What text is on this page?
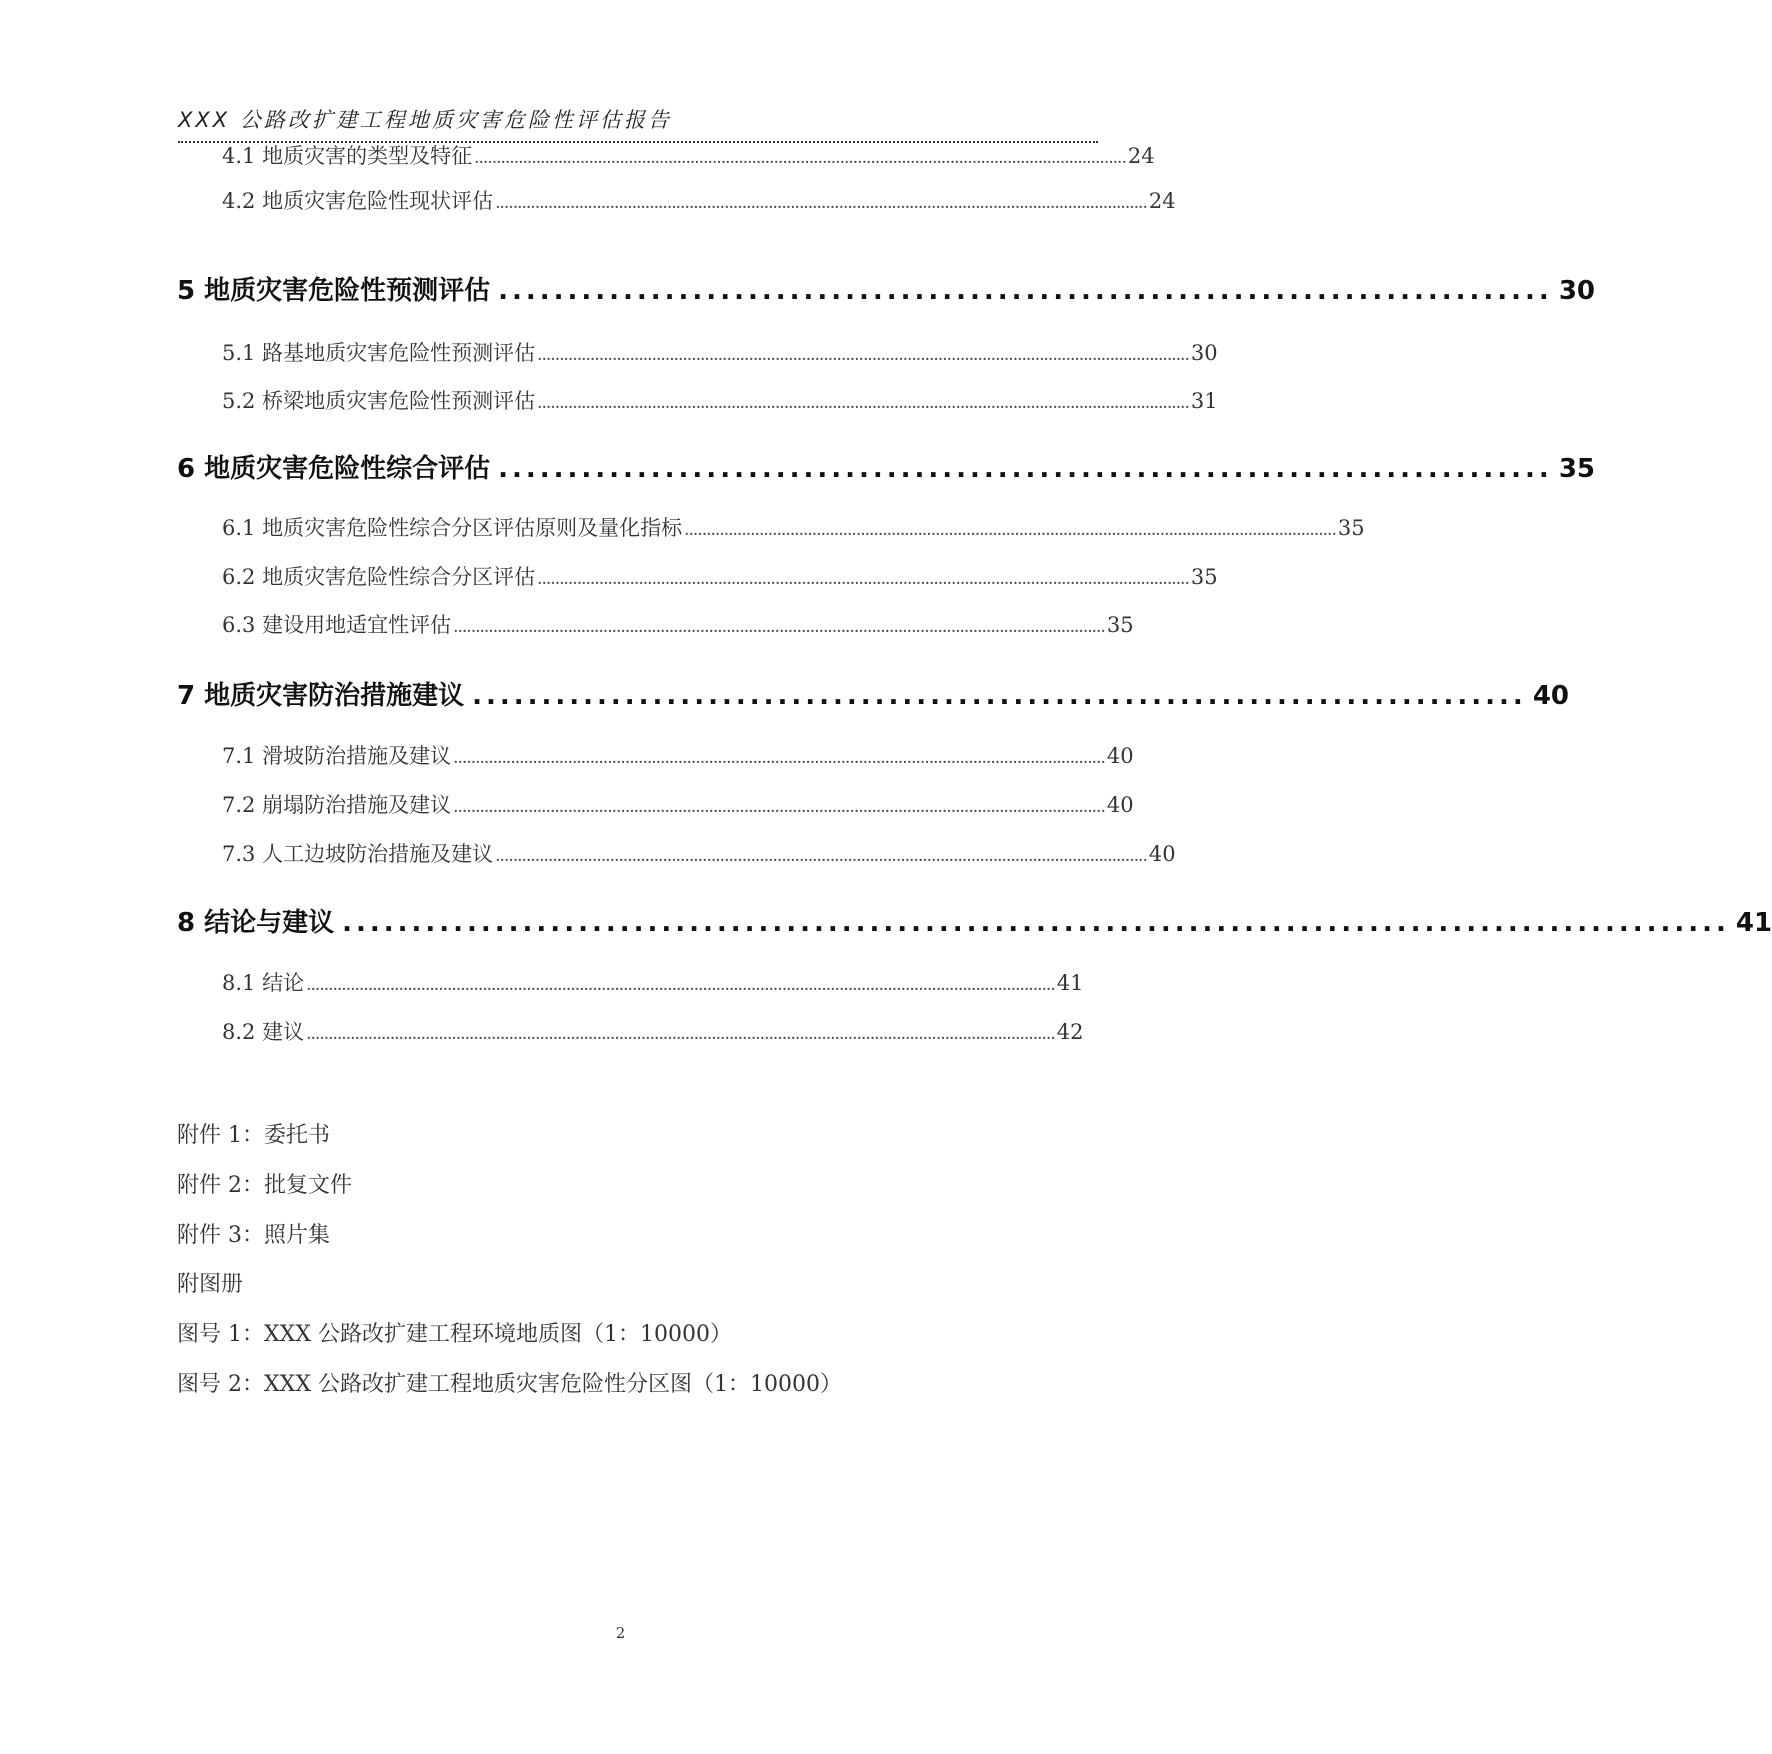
XXX 公路改扩建工程地质灾害危险性评估报告
4.1 地质灾害的类型及特征 .................................................................................................................................................... 24
4.2 地质灾害危险性现状评估 .................................................................................................................................................... 24
5 地质灾害危险性预测评估 ............................................................................ 30
5.1 路基地质灾害危险性预测评估 .................................................................................................................................................... 30
5.2 桥梁地质灾害危险性预测评估 .................................................................................................................................................... 31
6 地质灾害危险性综合评估 ............................................................................ 35
6.1 地质灾害危险性综合分区评估原则及量化指标 .................................................................................................................................................... 35
6.2 地质灾害危险性综合分区评估 .................................................................................................................................................... 35
6.3 建设用地适宜性评估 .................................................................................................................................................... 35
7 地质灾害防治措施建议 ............................................................................ 40
7.1 滑坡防治措施及建议 .................................................................................................................................................... 40
7.2 崩塌防治措施及建议 .................................................................................................................................................... 40
7.3 人工边坡防治措施及建议 .................................................................................................................................................... 40
8 结论与建议 .................................................................................................... 41
8.1 结论 .......................................................................................................................................................................... 41
8.2 建议 .......................................................................................................................................................................... 42
附件 1：委托书
附件 2：批复文件
附件 3：照片集
附图册
图号 1：XXX 公路改扩建工程环境地质图（1：10000）
图号 2：XXX 公路改扩建工程地质灾害危险性分区图（1：10000）
2
